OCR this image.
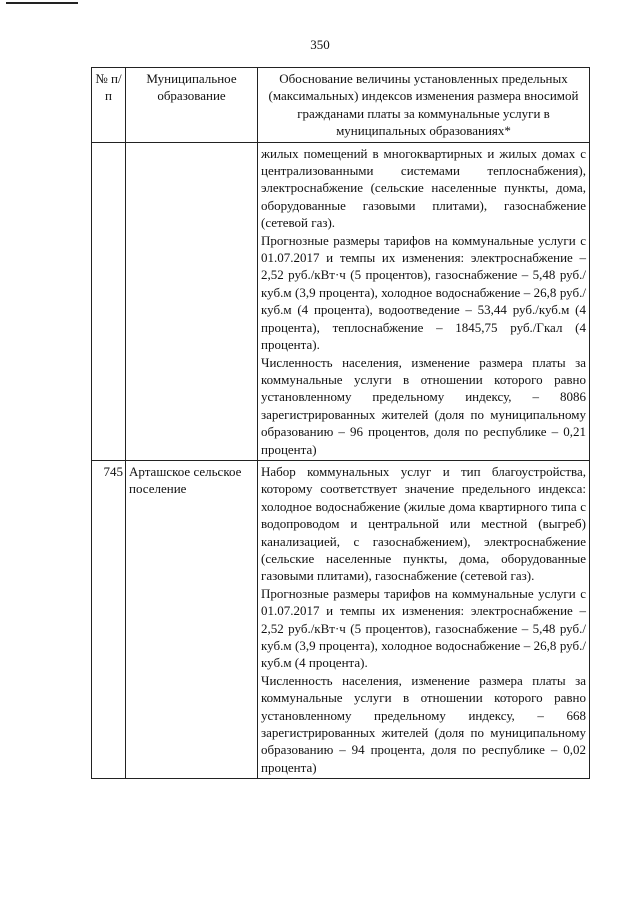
350
№ п/п	Муниципальное образование	Обоснование величины установленных предельных (максимальных) индексов изменения размера вносимой гражданами платы за коммунальные услуги в муниципальных образованиях*

		жилых помещений в многоквартирных и жилых домах с централизованными системами теплоснабжения), электроснабжение (сельские населенные пункты, дома, оборудованные газовыми плитами), газоснабжение (сетевой газ).

Прогнозные размеры тарифов на коммунальные услуги с 01.07.2017 и темпы их изменения: электроснабжение – 2,52 руб./кВт·ч (5 процентов), газоснабжение – 5,48 руб./куб.м (3,9 процента), холодное водоснабжение – 26,8 руб./куб.м (4 процента), водоотведение – 53,44 руб./куб.м (4 процента), теплоснабжение – 1845,75 руб./Гкал (4 процента).

Численность населения, изменение размера платы за коммунальные услуги в отношении которого равно установленному предельному индексу, – 8086 зарегистрированных жителей (доля по муниципальному образованию – 96 процентов, доля по республике – 0,21 процента)

745	Арташское сельское поселение	Набор коммунальных услуг и тип благоустройства, которому соответствует значение предельного индекса: холодное водоснабжение (жилые дома квартирного типа с водопроводом и центральной или местной (выгреб) канализацией, с газоснабжением), электроснабжение (сельские населенные пункты, дома, оборудованные газовыми плитами), газоснабжение (сетевой газ).

Прогнозные размеры тарифов на коммунальные услуги с 01.07.2017 и темпы их изменения: электроснабжение – 2,52 руб./кВт·ч (5 процентов), газоснабжение – 5,48 руб./куб.м (3,9 процента), холодное водоснабжение – 26,8 руб./куб.м (4 процента).

Численность населения, изменение размера платы за коммунальные услуги в отношении которого равно установленному предельному индексу, – 668 зарегистрированных жителей (доля по муниципальному образованию – 94 процента, доля по республике – 0,02 процента)
